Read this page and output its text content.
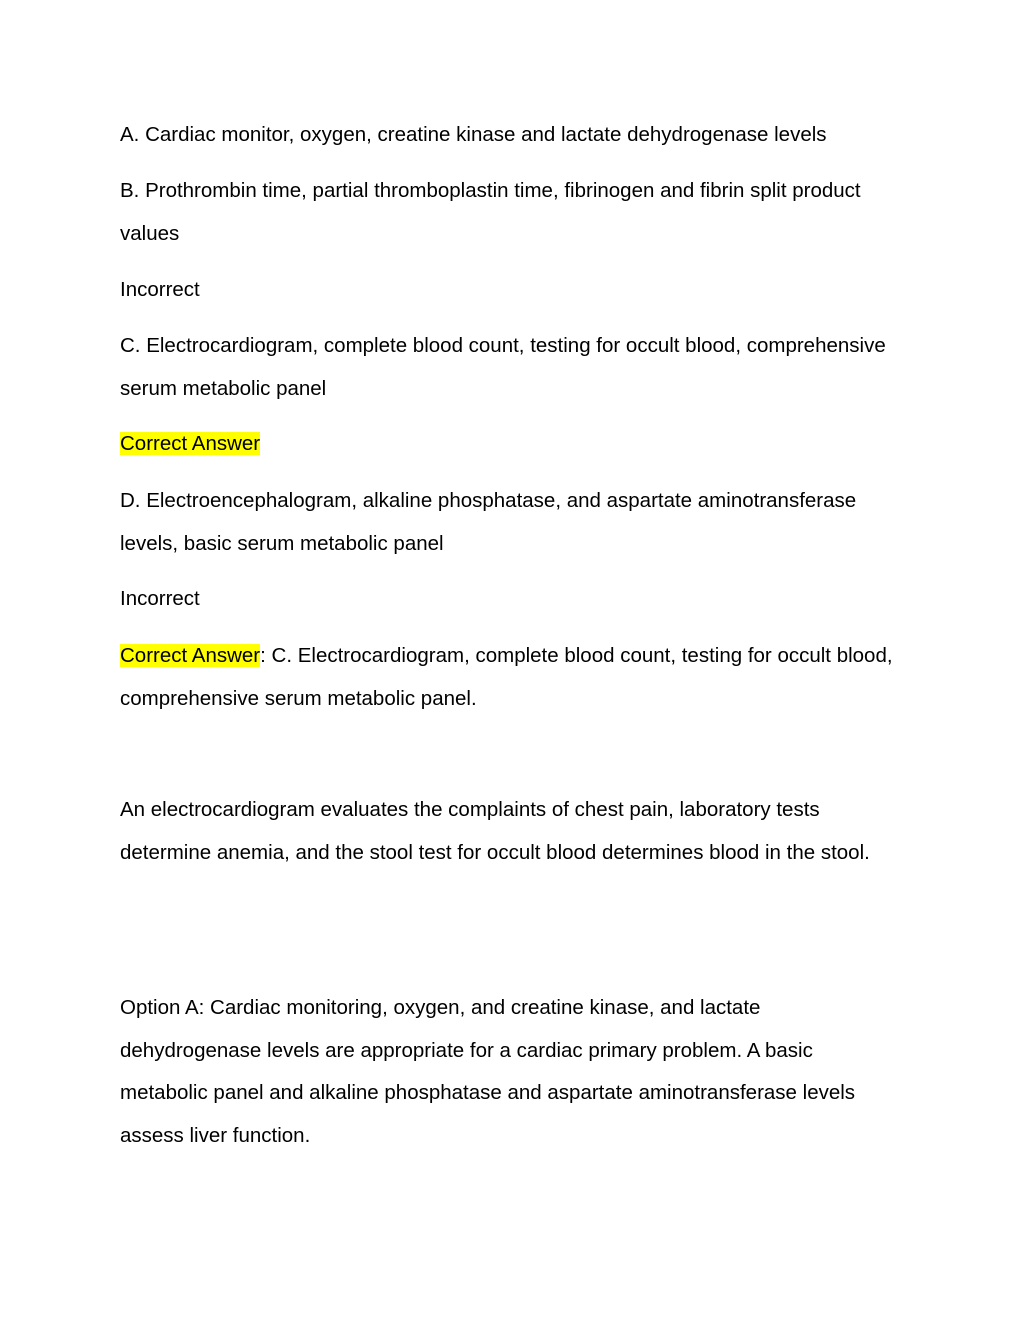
A. Cardiac monitor, oxygen, creatine kinase and lactate dehydrogenase levels

B. Prothrombin time, partial thromboplastin time, fibrinogen and fibrin split product values

Incorrect

C. Electrocardiogram, complete blood count, testing for occult blood, comprehensive serum metabolic panel

Correct Answer

D. Electroencephalogram, alkaline phosphatase, and aspartate aminotransferase levels, basic serum metabolic panel

Incorrect

Correct Answer: C. Electrocardiogram, complete blood count, testing for occult blood, comprehensive serum metabolic panel.

An electrocardiogram evaluates the complaints of chest pain, laboratory tests determine anemia, and the stool test for occult blood determines blood in the stool.

Option A: Cardiac monitoring, oxygen, and creatine kinase, and lactate dehydrogenase levels are appropriate for a cardiac primary problem. A basic metabolic panel and alkaline phosphatase and aspartate aminotransferase levels assess liver function.
